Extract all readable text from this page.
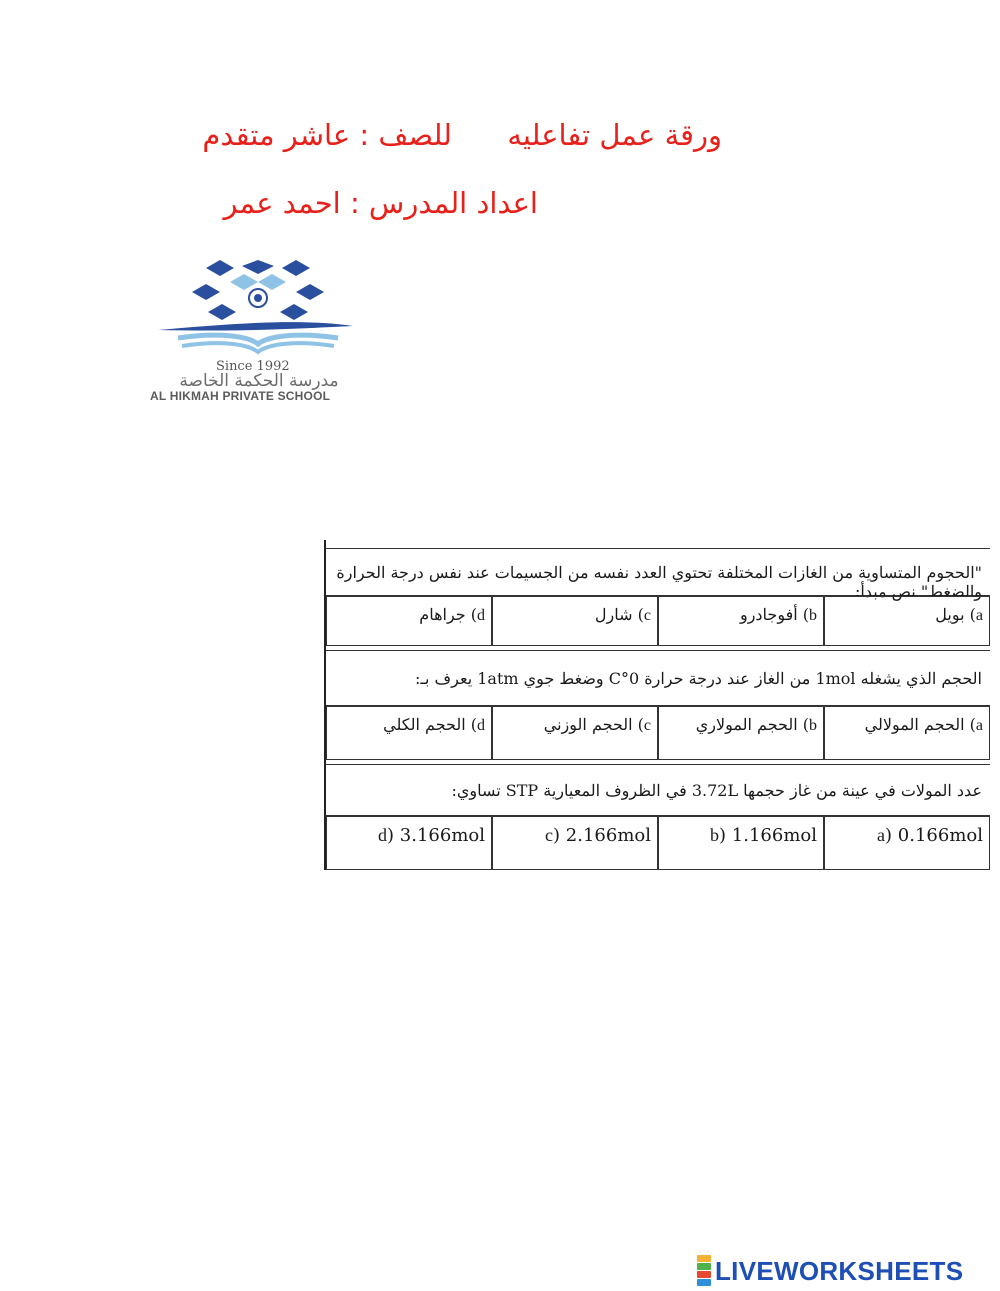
ورقة عمل تفاعليه      للصف : عاشر متقدم
اعداد المدرس : احمد عمر
Since 1992
مدرسة الحكمة الخاصة
AL HIKMAH PRIVATE SCHOOL
"الحجوم المتساوية من الغازات المختلفة تحتوي العدد نفسه من الجسيمات عند نفس درجة الحرارة والضغط" نص مبدأ:
a) بويل
b) أفوجادرو
c) شارل
d) جراهام
الحجم الذي يشغله 1mol من الغاز عند درجة حرارة 0°C وضغط جوي 1atm يعرف بـ:
a) الحجم المولالي
b) الحجم المولاري
c) الحجم الوزني
d) الحجم الكلي
عدد المولات في عينة من غاز حجمها 3.72L في الظروف المعيارية STP تساوي:
a) 0.166mol
b) 1.166mol
c) 2.166mol
d) 3.166mol
LIVEWORKSHEETS
